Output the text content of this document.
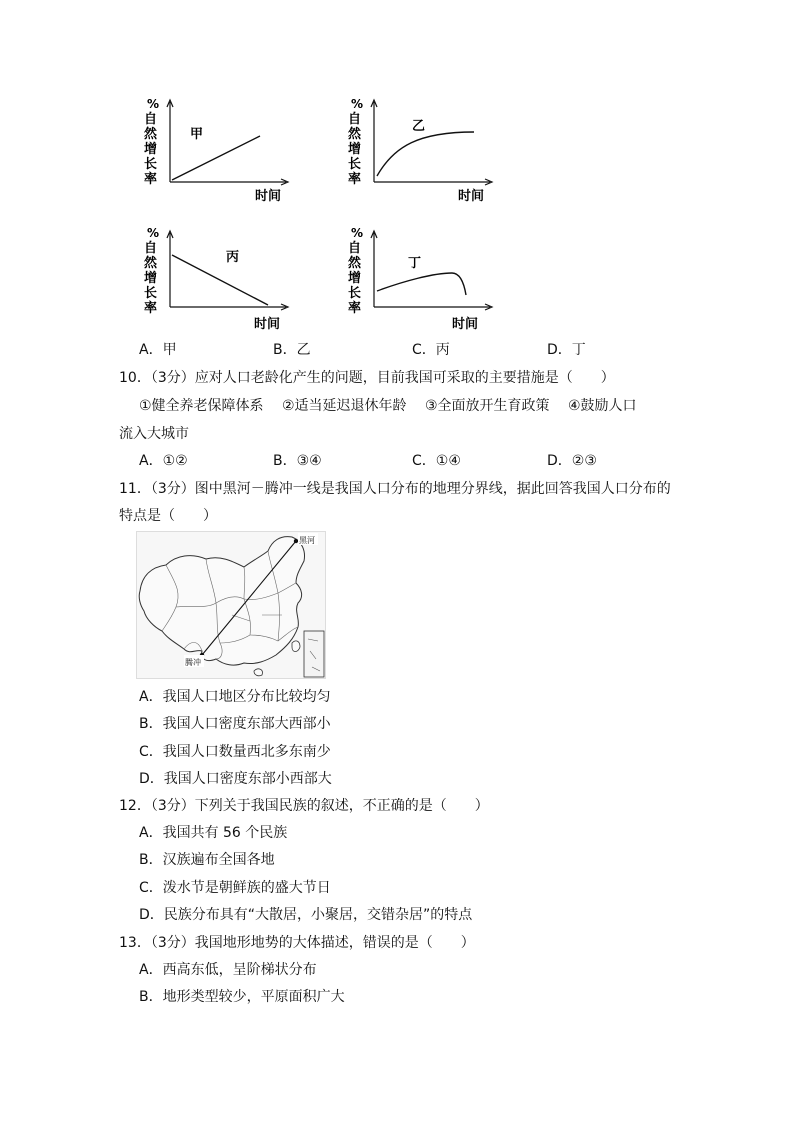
%
自
然
增
长
率
甲
时间
%
自
然
增
长
率
乙
时间
%
自
然
增
长
率
丙
时间
%
自
然
增
长
率
丁
时间
A．甲	B．乙	C．丙	D．丁
10．（3分）应对人口老龄化产生的问题，目前我国可采取的主要措施是（　　）
①健全养老保障体系　 ②适当延迟退休年龄　 ③全面放开生育政策　 ④鼓励人口
流入大城市
A．①②	B．③④	C．①④	D．②③
11．（3分）图中黑河－腾冲一线是我国人口分布的地理分界线，据此回答我国人口分布的
特点是（　　）
黑河
腾冲
A．我国人口地区分布比较均匀
B．我国人口密度东部大西部小
C．我国人口数量西北多东南少
D．我国人口密度东部小西部大
12．（3分）下列关于我国民族的叙述，不正确的是（　　）
A．我国共有 56 个民族
B．汉族遍布全国各地
C．泼水节是朝鲜族的盛大节日
D．民族分布具有“大散居，小聚居，交错杂居”的特点
13．（3分）我国地形地势的大体描述，错误的是（　　）
A．西高东低，呈阶梯状分布
B．地形类型较少，平原面积广大
